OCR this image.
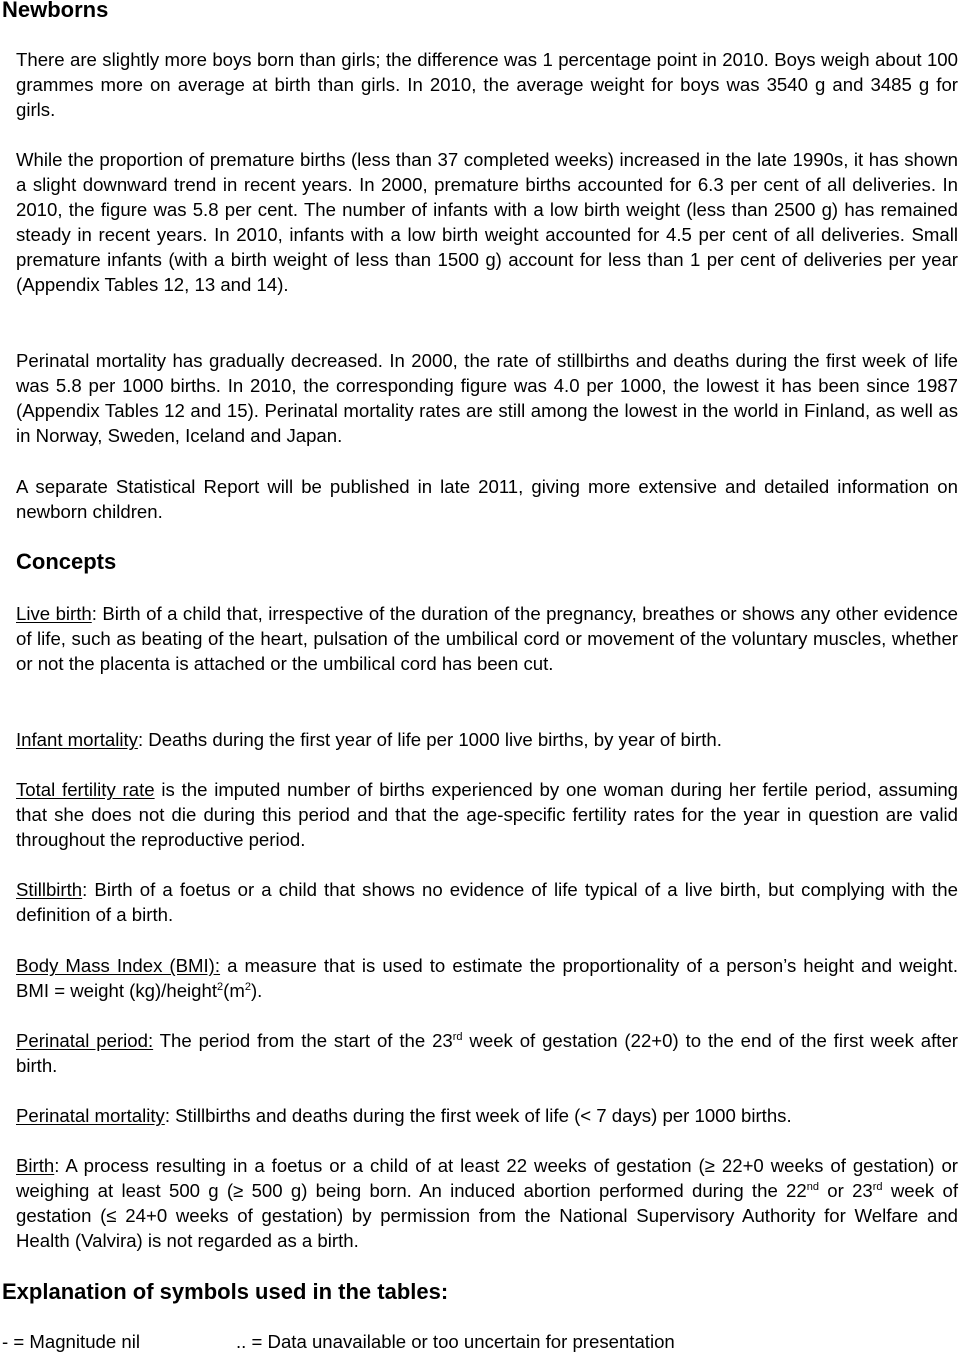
Newborns

There are slightly more boys born than girls; the difference was 1 percentage point in 2010. Boys weigh about 100 grammes more on average at birth than girls. In 2010, the average weight for boys was 3540 g and 3485 g for girls.

While the proportion of premature births (less than 37 completed weeks) increased in the late 1990s, it has shown a slight downward trend in recent years. In 2000, premature births accounted for 6.3 per cent of all deliveries. In 2010, the figure was 5.8 per cent. The number of infants with a low birth weight (less than 2500 g) has remained steady in recent years. In 2010, infants with a low birth weight accounted for 4.5 per cent of all deliveries. Small premature infants (with a birth weight of less than 1500 g) account for less than 1 per cent of deliveries per year (Appendix Tables 12, 13 and 14).

Perinatal mortality has gradually decreased. In 2000, the rate of stillbirths and deaths during the first week of life was 5.8 per 1000 births. In 2010, the corresponding figure was 4.0 per 1000, the lowest it has been since 1987 (Appendix Tables 12 and 15). Perinatal mortality rates are still among the lowest in the world in Finland, as well as in Norway, Sweden, Iceland and Japan.

A separate Statistical Report will be published in late 2011, giving more extensive and detailed information on newborn children.

Concepts

Live birth: Birth of a child that, irrespective of the duration of the pregnancy, breathes or shows any other evidence of life, such as beating of the heart, pulsation of the umbilical cord or movement of the voluntary muscles, whether or not the placenta is attached or the umbilical cord has been cut.

Infant mortality: Deaths during the first year of life per 1000 live births, by year of birth.

Total fertility rate is the imputed number of births experienced by one woman during her fertile period, assuming that she does not die during this period and that the age-specific fertility rates for the year in question are valid throughout the reproductive period.

Stillbirth: Birth of a foetus or a child that shows no evidence of life typical of a live birth, but complying with the definition of a birth.

Body Mass Index (BMI): a measure that is used to estimate the proportionality of a person’s height and weight. BMI = weight $(kg)/height^2(m^2)$.

Perinatal period: The period from the start of the 23rd week of gestation (22+0) to the end of the first week after birth.

Perinatal mortality: Stillbirths and deaths during the first week of life (< 7 days) per 1000 births.

Birth: A process resulting in a foetus or a child of at least 22 weeks of gestation (≥ 22+0 weeks of gestation) or weighing at least 500 g (≥ 500 g) being born. An induced abortion performed during the 22nd or 23rd week of gestation (≤ 24+0 weeks of gestation) by permission from the National Supervisory Authority for Welfare and Health (Valvira) is not regarded as a birth.

Explanation of symbols used in the tables:

- = Magnitude nil	.. = Data unavailable or too uncertain for presentation
